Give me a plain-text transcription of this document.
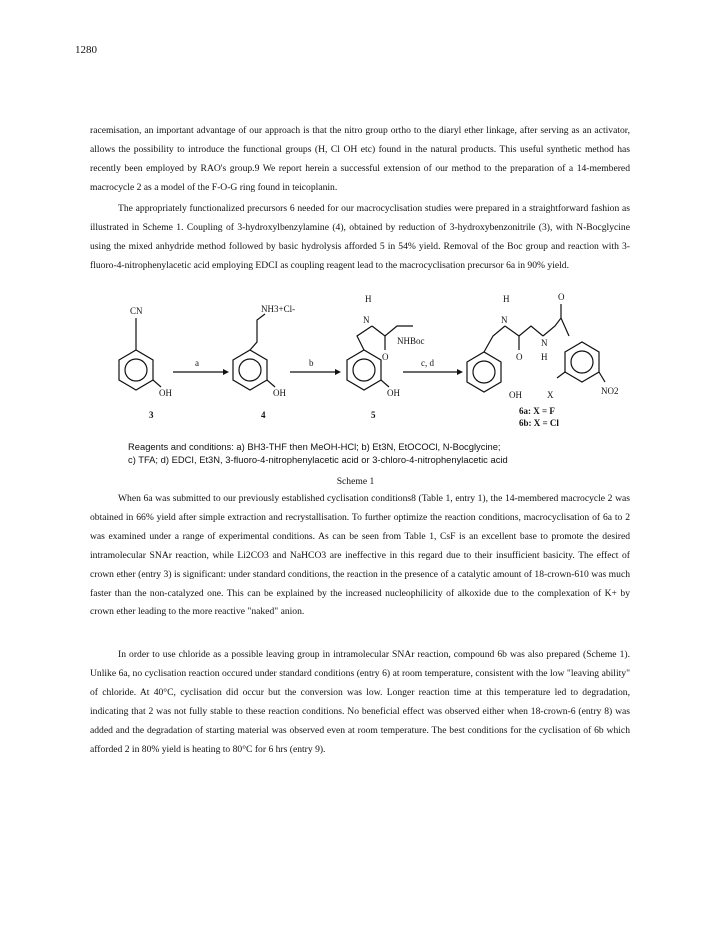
1280

racemisation, an important advantage of our approach is that the nitro group ortho to the diaryl ether linkage, after serving as an activator, allows the possibility to introduce the functional groups (H, Cl OH etc) found in the natural products. This useful synthetic method has recently been employed by RAO's group.9 We report herein a successful extension of our method to the preparation of a 14-membered macrocycle 2 as a model of the F-O-G ring found in teicoplanin.

The appropriately functionalized precursors 6 needed for our macrocyclisation studies were prepared in a straightforward fashion as illustrated in Scheme 1. Coupling of 3-hydroxylbenzylamine (4), obtained by reduction of 3-hydroxybenzonitrile (3), with N-Bocglycine using the mixed anhydride method followed by basic hydrolysis afforded 5 in 54% yield. Removal of the Boc group and reaction with 3-fluoro-4-nitrophenylacetic acid employing EDCI as coupling reagent lead to the macrocyclisation precursor 6a in 90% yield.

CN
OH
a
NH3+Cl-
OH
b
H
N
NHBoc
O
OH
c, d
H
N
O
N
H
O
OH	X	NO2
3	4	5	6a: X = F
6b: X = Cl
Reagents and conditions: a) BH3-THF then MeOH-HCl; b) Et3N, EtOCOCl, N-Bocglycine;
c) TFA; d) EDCI, Et3N, 3-fluoro-4-nitrophenylacetic acid or 3-chloro-4-nitrophenylacetic acid
Scheme 1

When 6a was submitted to our previously established cyclisation conditions8 (Table 1, entry 1), the 14-membered macrocycle 2 was obtained in 66% yield after simple extraction and recrystallisation. To further optimize the reaction conditions, macrocyclisation of 6a to 2 was examined under a range of experimental conditions. As can be seen from Table 1, CsF is an excellent base to promote the desired intramolecular SNAr reaction, while Li2CO3 and NaHCO3 are ineffective in this regard due to their insufficient basicity. The effect of crown ether (entry 3) is significant: under standard conditions, the reaction in the presence of a catalytic amount of 18-crown-610 was much faster than the non-catalyzed one. This can be explained by the increased nucleophilicity of alkoxide due to the complexation of K+ by crown ether leading to the more reactive "naked" anion.

In order to use chloride as a possible leaving group in intramolecular SNAr reaction, compound 6b was also prepared (Scheme 1). Unlike 6a, no cyclisation reaction occured under standard conditions (entry 6) at room temperature, consistent with the low "leaving ability" of chloride. At 40°C, cyclisation did occur but the conversion was low. Longer reaction time at this temperature led to degradation, indicating that 2 was not fully stable to these reaction conditions. No beneficial effect was observed either when 18-crown-6 (entry 8) was added and the degradation of starting material was observed even at room temperature. The best conditions for the cyclisation of 6b which afforded 2 in 80% yield is heating to 80°C for 6 hrs (entry 9).
